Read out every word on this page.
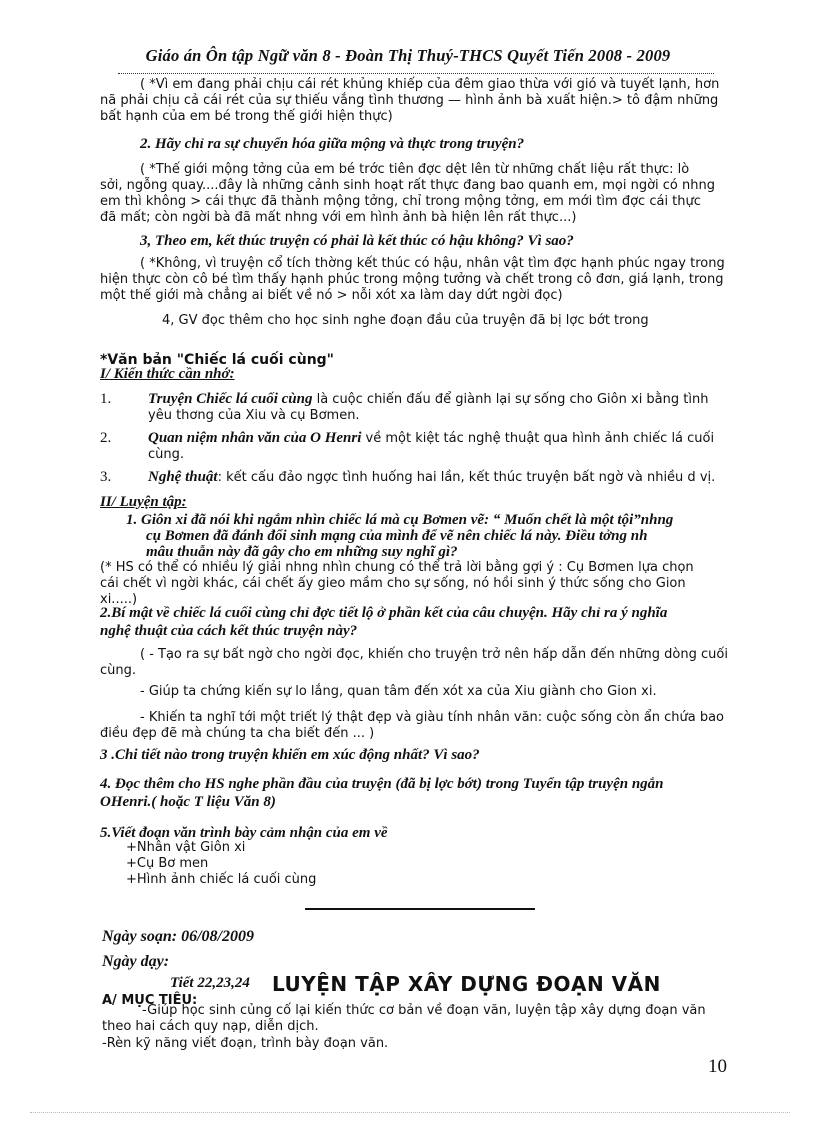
Giáo án Ôn tập Ngữ văn 8 - Đoàn Thị Thuý-THCS Quyết Tiến 2008 - 2009
( *Vì em đang phải chịu cái rét khủng khiếp của đêm giao thừa với gió và tuyết lạnh, hơn
nã phải chịu cả cái rét của sự thiếu vắng tình thương — hình ảnh bà xuất hiện.> tô đậm những
bất hạnh của em bé trong thế giới hiện thực)
2. Hãy chỉ ra sự chuyển hóa giữa mộng và thực trong truyện?
( *Thế giới mộng tởng của em bé trớc tiên đợc dệt lên từ những chất liệu rất thực: lò
sởi, ngỗng quay....đây là những cảnh sinh hoạt rất thực đang bao quanh em, mọi ngời có nhng
em thì không > cái thực đã thành mộng tởng, chỉ trong mộng tởng, em mới tìm đợc cái thực
đã mất; còn ngời bà đã mất nhng với em hình ảnh bà hiện lên rất thực...)
3, Theo em, kết thúc truyện có phải là kết thúc có hậu không? Vì sao?
( *Không, vì truyện cổ tích thờng kết thúc có hậu, nhân vật tìm đợc hạnh phúc ngay trong
hiện thực còn cô bé tìm thấy hạnh phúc trong mộng tưởng và chết trong cô đơn, giá lạnh, trong
một thế giới mà chẳng ai biết về nó > nỗi xót xa làm day dứt ngời đọc)
4, GV đọc thêm cho học sinh nghe đoạn đầu của truyện đã bị lợc bớt trong
*Văn bản "Chiếc lá cuối cùng"
I/ Kiến thức cần nhớ:
1.	Truyện Chiếc lá cuối cùng là cuộc chiến đấu để giành lại sự sống cho Giôn xi bằng tình
yêu thơng của Xiu và cụ Bơmen.
2.	Quan niệm nhân văn của O Henri về một kiệt tác nghệ thuật qua hình ảnh chiếc lá cuối
cùng.
3.	Nghệ thuật: kết cấu đảo ngợc tình huống hai lần, kết thúc truyện bất ngờ và nhiều d vị.
II/ Luyện tập:
1. Giôn xi đã nói khi ngắm nhìn chiếc lá mà cụ Bơmen vẽ: “ Muốn chết là một tội”nhng
cụ Bơmen đã đánh đổi sinh mạng của mình để vẽ nên chiếc lá này. Điều tởng nh
mâu thuẫn này đã gây cho em những suy nghĩ gì?
(* HS có thể có nhiều lý giải nhng nhìn chung có thể trả lời bằng gợi ý : Cụ Bơmen lựa chọn
cái chết vì ngời khác, cái chết ấy gieo mầm cho sự sống, nó hồi sinh ý thức sống cho Gion
xi.....)
2.Bí mật về chiếc lá cuối cùng chỉ đợc tiết lộ ở phần kết của câu chuyện. Hãy chỉ ra ý nghĩa
nghệ thuật của cách kết thúc truyện này?
( - Tạo ra sự bất ngờ cho ngời đọc, khiến cho truyện trở nên hấp dẫn đến những dòng cuối
cùng.
- Giúp ta chứng kiến sự lo lắng, quan tâm đến xót xa của Xiu giành cho Gion xi.
- Khiến ta nghĩ tới một triết lý thật đẹp và giàu tính nhân văn: cuộc sống còn ẩn chứa bao
điều đẹp đẽ mà chúng ta cha biết đến ... )
3 .Chi tiết nào trong truyện khiến em xúc động nhất? Vì sao?
4. Đọc thêm cho HS nghe phần đầu của truyện (đã bị lợc bớt) trong Tuyển tập truyện ngắn
OHenri.( hoặc T liệu Văn 8)
5.Viết đoạn văn trình bày cảm nhận của em về
+Nhân vật Giôn xi
+Cụ Bơ men
+Hình ảnh chiếc lá cuối cùng
Ngày soạn: 06/08/2009
Ngày dạy:
Tiết 22,23,24 LUYỆN TẬP XÂY DỰNG ĐOẠN VĂN
A/ MỤC TIÊU:
-Giúp học sinh củng cố lại kiến thức cơ bản về đoạn văn, luyện tập xây dựng đoạn văn
theo hai cách quy nạp, diễn dịch.
-Rèn kỹ năng viết đoạn, trình bày đoạn văn.
10
